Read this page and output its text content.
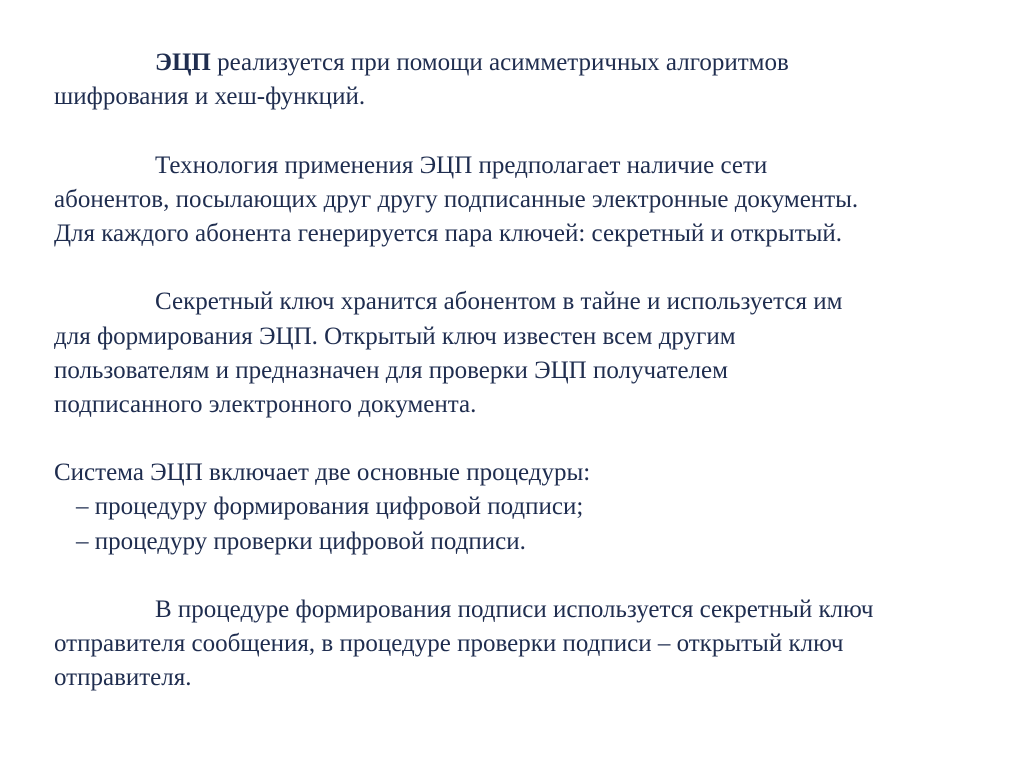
ЭЦП реализуется при помощи асимметричных алгоритмов
шифрования и хеш-функций.
Технология применения ЭЦП предполагает наличие сети
абонентов, посылающих друг другу подписанные электронные документы.
Для каждого абонента генерируется пара ключей: секретный и открытый.
Секретный ключ хранится абонентом в тайне и используется им
для формирования ЭЦП. Открытый ключ известен всем другим
пользователям и предназначен для проверки ЭЦП получателем
подписанного электронного документа.
Система ЭЦП включает две основные процедуры:
– процедуру формирования цифровой подписи;
– процедуру проверки цифровой подписи.
В процедуре формирования подписи используется секретный ключ
отправителя сообщения, в процедуре проверки подписи – открытый ключ
отправителя.
